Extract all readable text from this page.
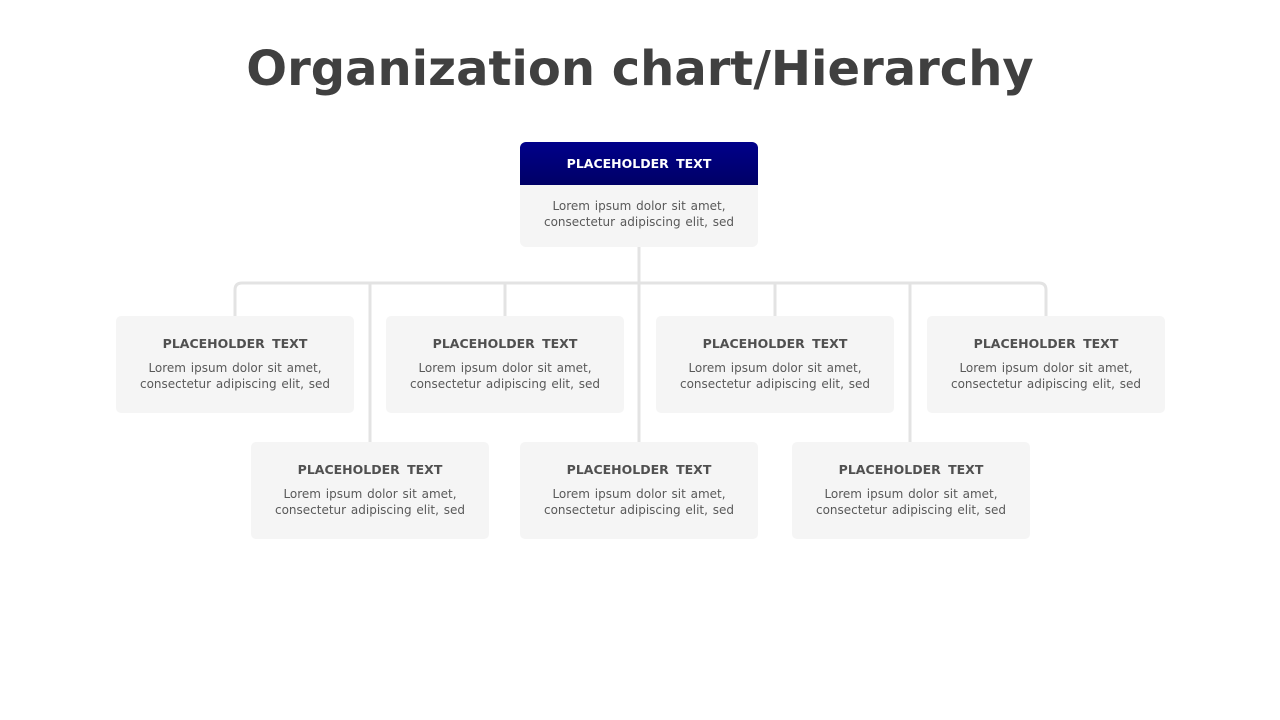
Organization chart/Hierarchy
PLACEHOLDER TEXT
Lorem ipsum dolor sit amet,
consectetur adipiscing elit, sed
PLACEHOLDER TEXT
Lorem ipsum dolor sit amet,
consectetur adipiscing elit, sed
PLACEHOLDER TEXT
Lorem ipsum dolor sit amet,
consectetur adipiscing elit, sed
PLACEHOLDER TEXT
Lorem ipsum dolor sit amet,
consectetur adipiscing elit, sed
PLACEHOLDER TEXT
Lorem ipsum dolor sit amet,
consectetur adipiscing elit, sed
PLACEHOLDER TEXT
Lorem ipsum dolor sit amet,
consectetur adipiscing elit, sed
PLACEHOLDER TEXT
Lorem ipsum dolor sit amet,
consectetur adipiscing elit, sed
PLACEHOLDER TEXT
Lorem ipsum dolor sit amet,
consectetur adipiscing elit, sed
